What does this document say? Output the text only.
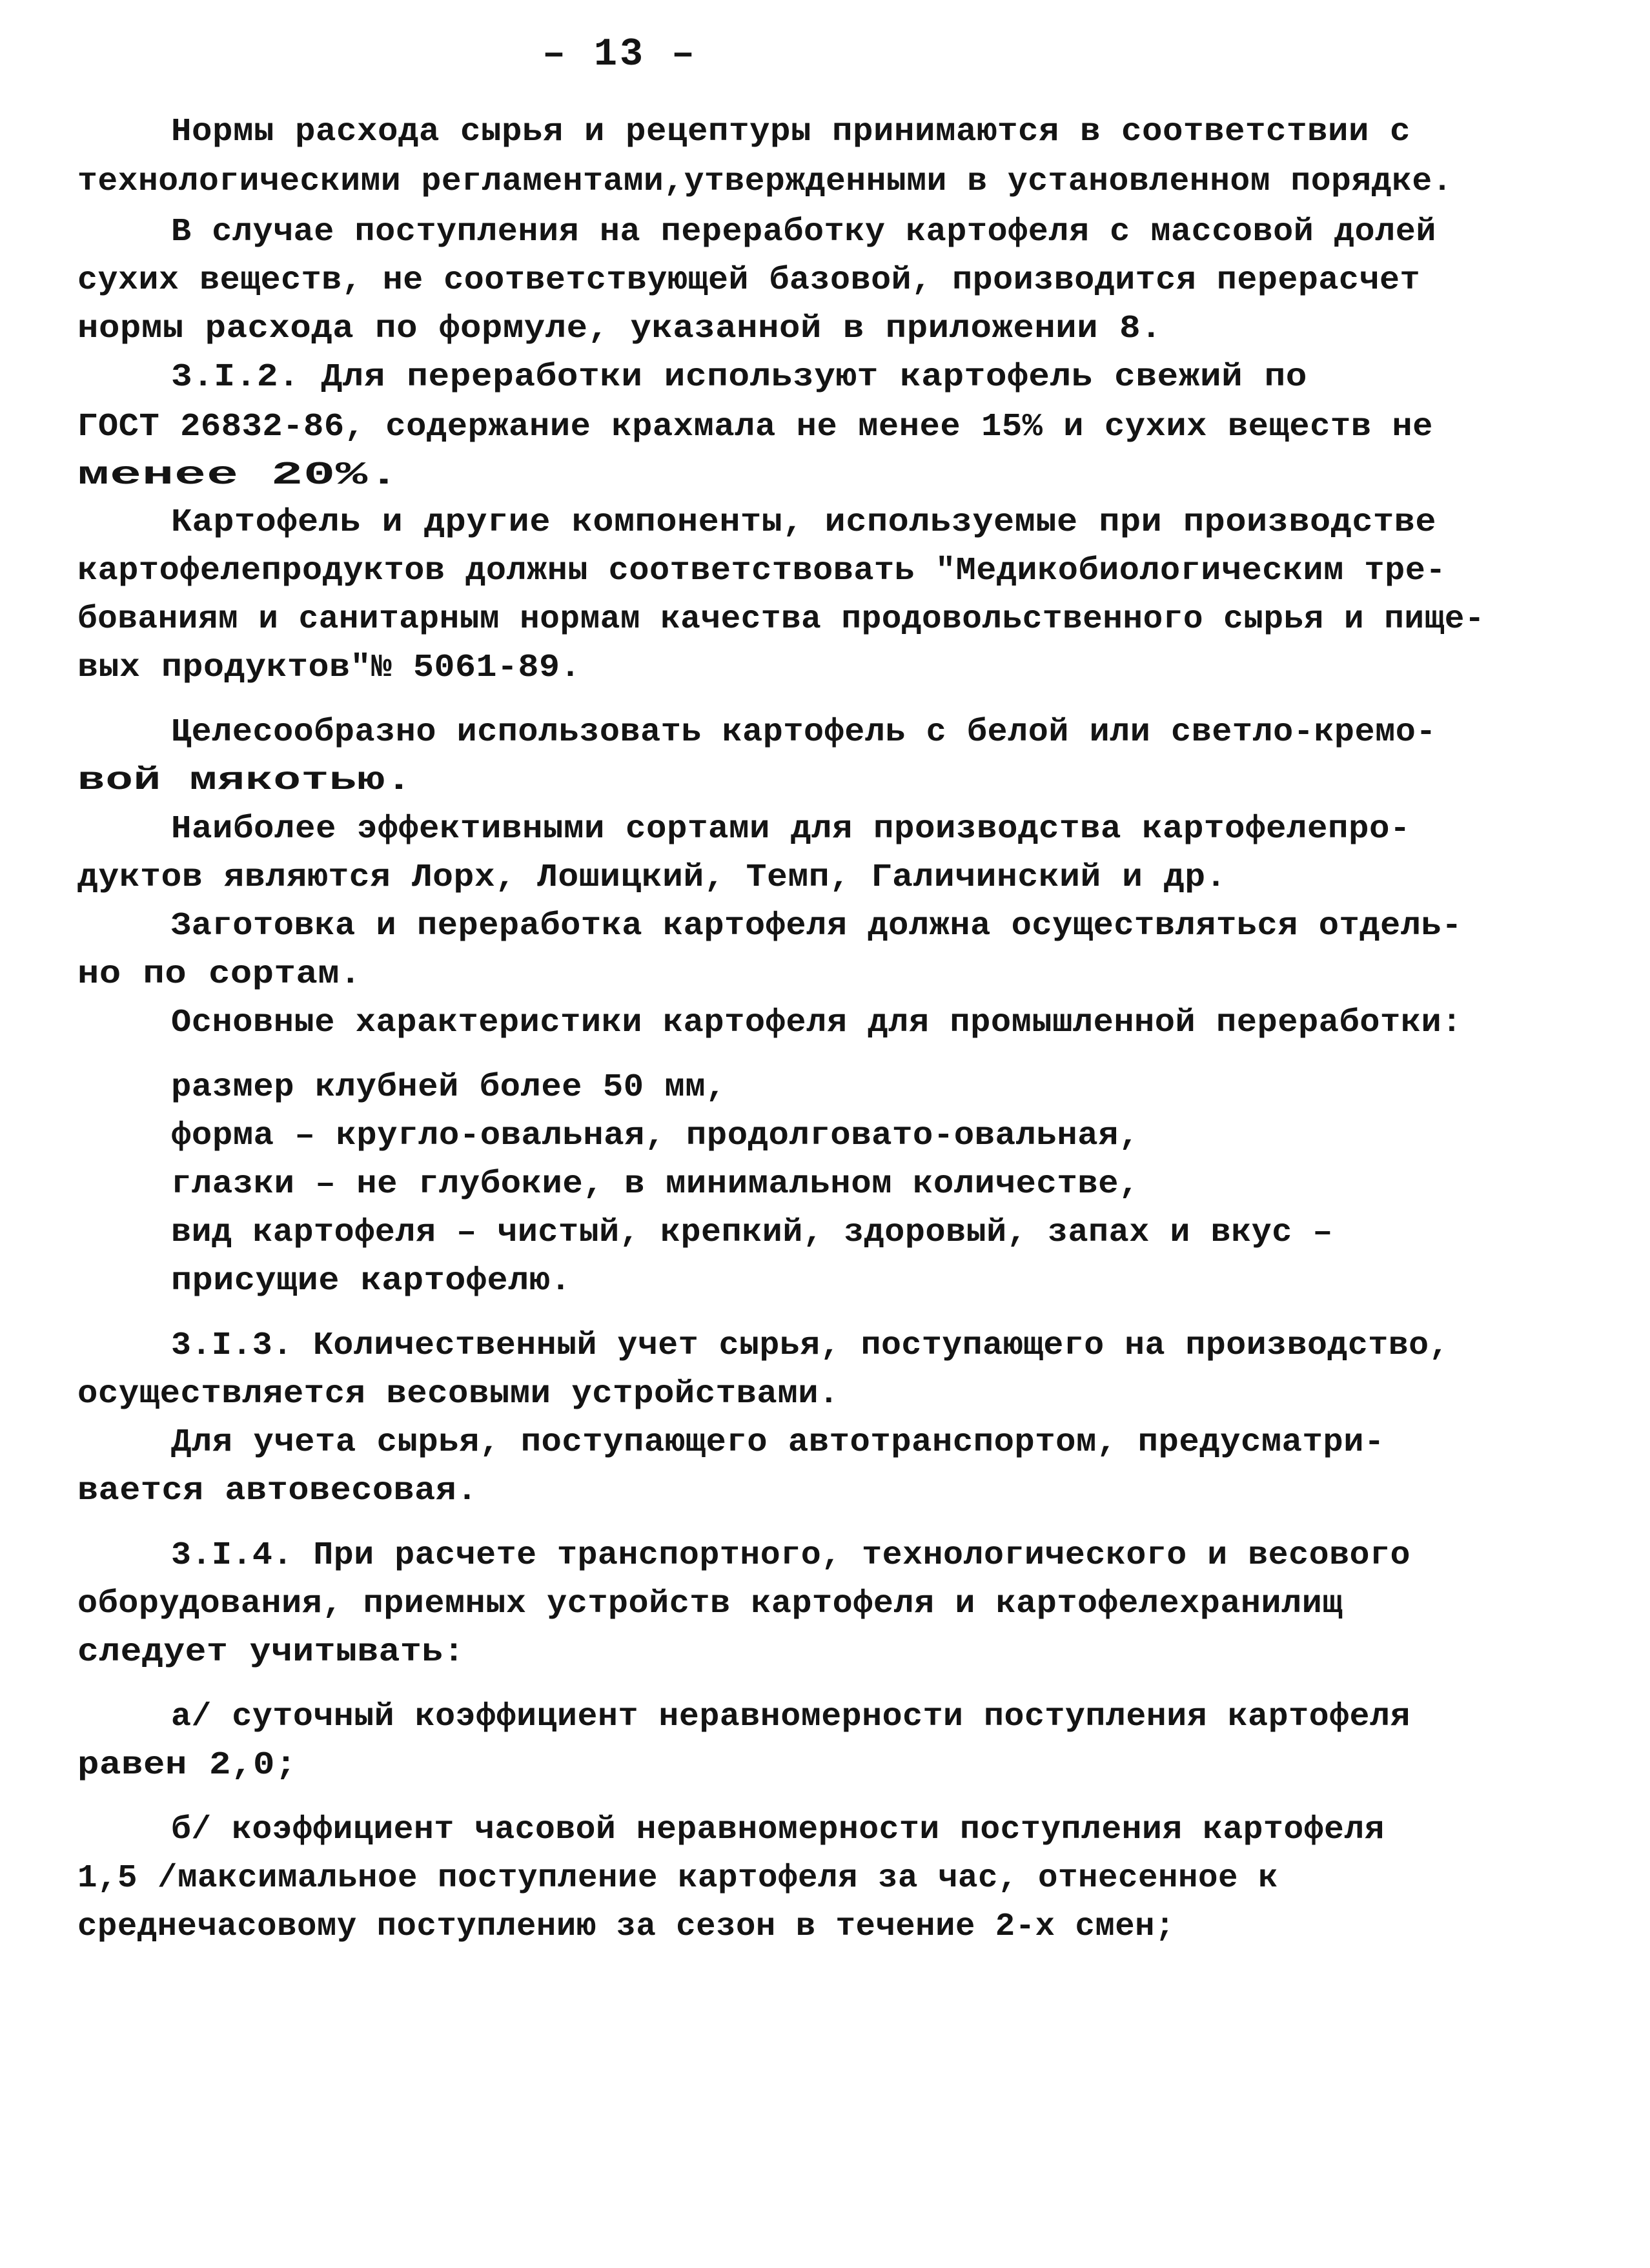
– 13 –
Нормы расхода сырья и рецептуры принимаются в соответствии с
технологическими регламентами,утвержденными в установленном порядке.
В случае поступления на переработку картофеля с массовой долей
сухих веществ, не соответствующей базовой, производится перерасчет
нормы расхода по формуле, указанной в приложении 8.
3.I.2. Для переработки используют картофель свежий по
ГОСТ 26832-86, содержание крахмала не менее 15% и сухих веществ не
менее 20%.
Картофель и другие компоненты, используемые при производстве
картофелепродуктов должны соответствовать "Медикобиологическим тре-
бованиям и санитарным нормам качества продовольственного сырья и пище-
вых продуктов"№ 5061-89.
Целесообразно использовать картофель с белой или светло-кремо-
вой мякотью.
Наиболее эффективными сортами для производства картофелепро-
дуктов являются Лорх, Лошицкий, Темп, Галичинский и др.
Заготовка и переработка картофеля должна осуществляться отдель-
но по сортам.
Основные характеристики картофеля для промышленной переработки:
размер клубней более 50 мм,
форма – кругло-овальная, продолговато-овальная,
глазки – не глубокие, в минимальном количестве,
вид картофеля – чистый, крепкий, здоровый, запах и вкус –
присущие картофелю.
3.I.3. Количественный учет сырья, поступающего на производство,
осуществляется весовыми устройствами.
Для учета сырья, поступающего автотранспортом, предусматри-
вается автовесовая.
3.I.4. При расчете транспортного, технологического и весового
оборудования, приемных устройств картофеля и картофелехранилищ
следует учитывать:
а/ суточный коэффициент неравномерности поступления картофеля
равен 2,0;
б/ коэффициент часовой неравномерности поступления картофеля
1,5 /максимальное поступление картофеля за час, отнесенное к
среднечасовому поступлению за сезон в течение 2-х смен;
